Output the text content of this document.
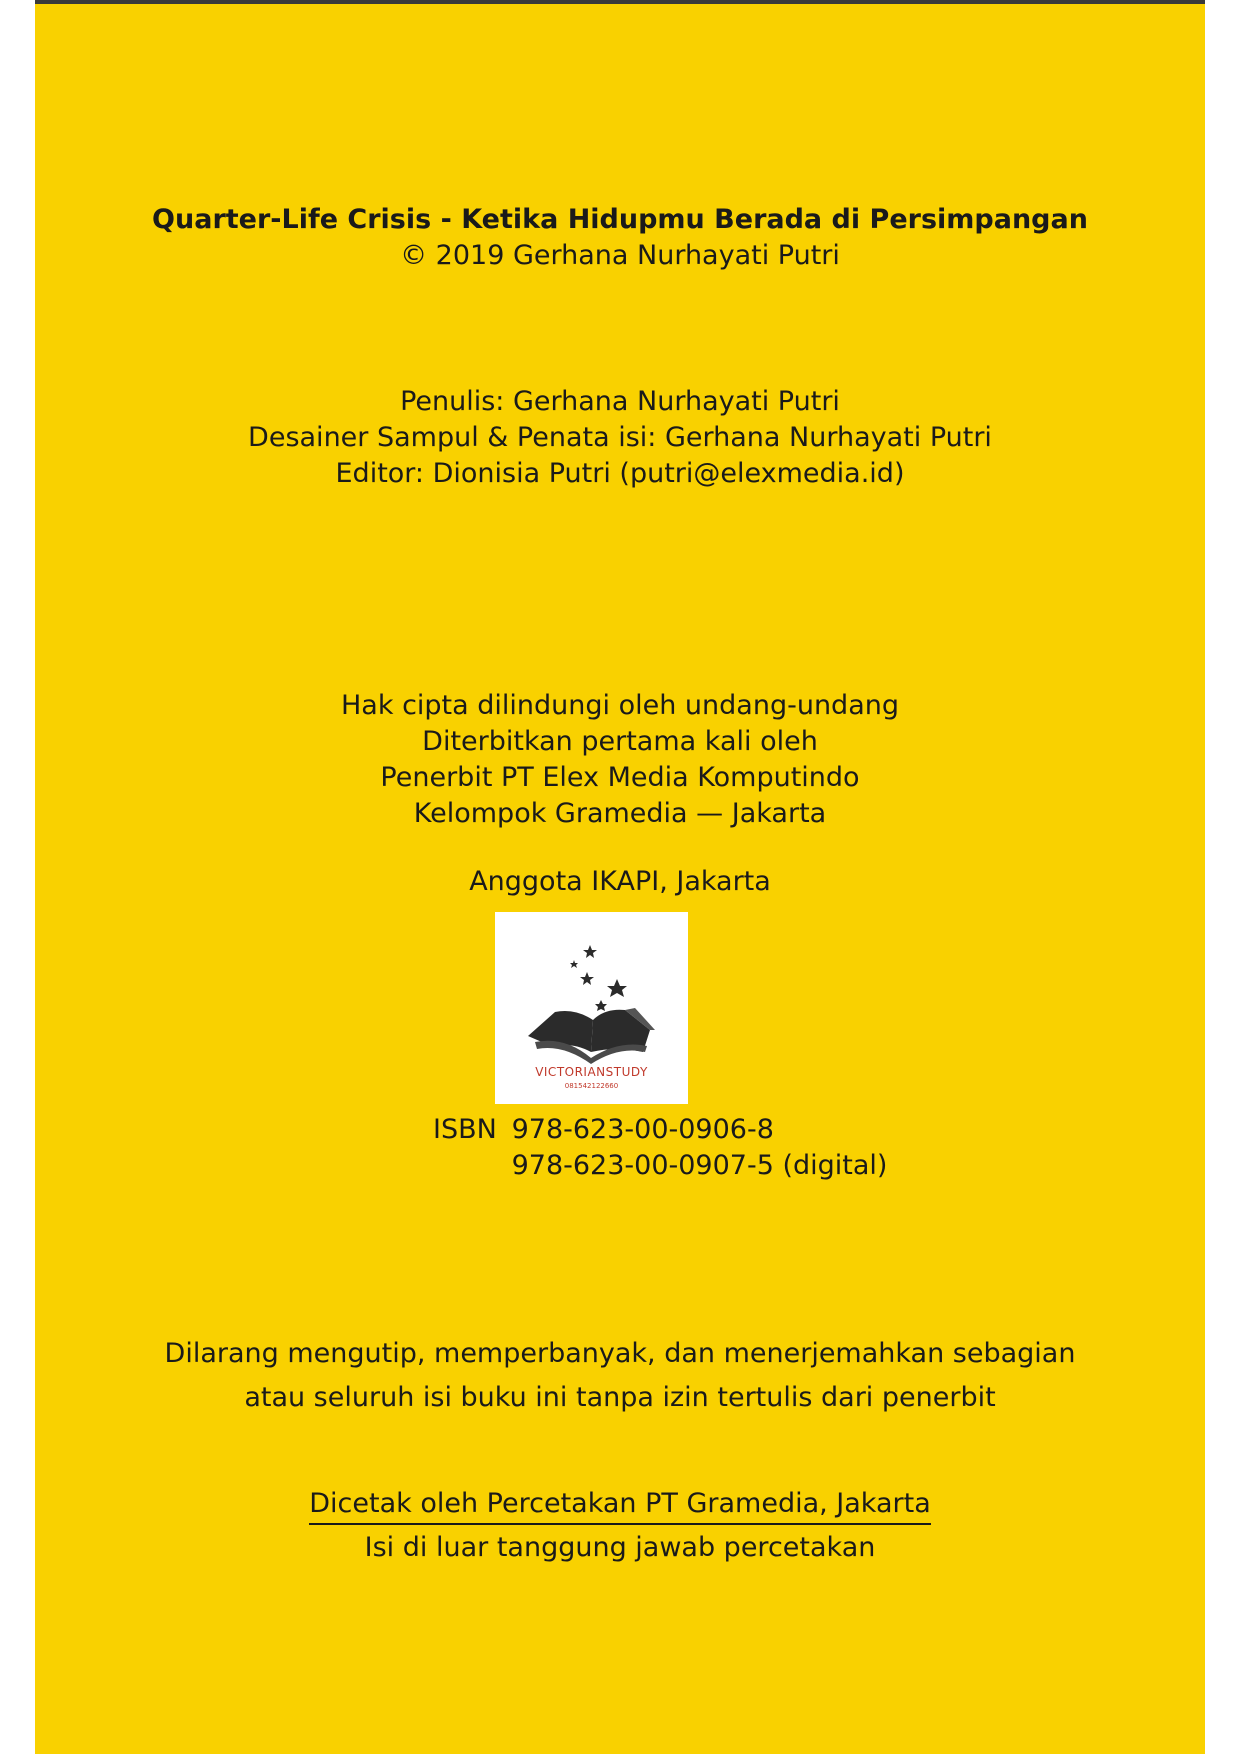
Quarter-Life Crisis - Ketika Hidupmu Berada di Persimpangan
© 2019 Gerhana Nurhayati Putri
Penulis: Gerhana Nurhayati Putri
Desainer Sampul & Penata isi: Gerhana Nurhayati Putri
Editor: Dionisia Putri (putri@elexmedia.id)
Hak cipta dilindungi oleh undang-undang
Diterbitkan pertama kali oleh
Penerbit PT Elex Media Komputindo
Kelompok Gramedia — Jakarta
Anggota IKAPI, Jakarta
VICTORIANSTUDY
081542122660
ISBN 978-623-00-0906-8
978-623-00-0907-5 (digital)
Dilarang mengutip, memperbanyak, dan menerjemahkan sebagian
atau seluruh isi buku ini tanpa izin tertulis dari penerbit
Dicetak oleh Percetakan PT Gramedia, Jakarta
Isi di luar tanggung jawab percetakan
